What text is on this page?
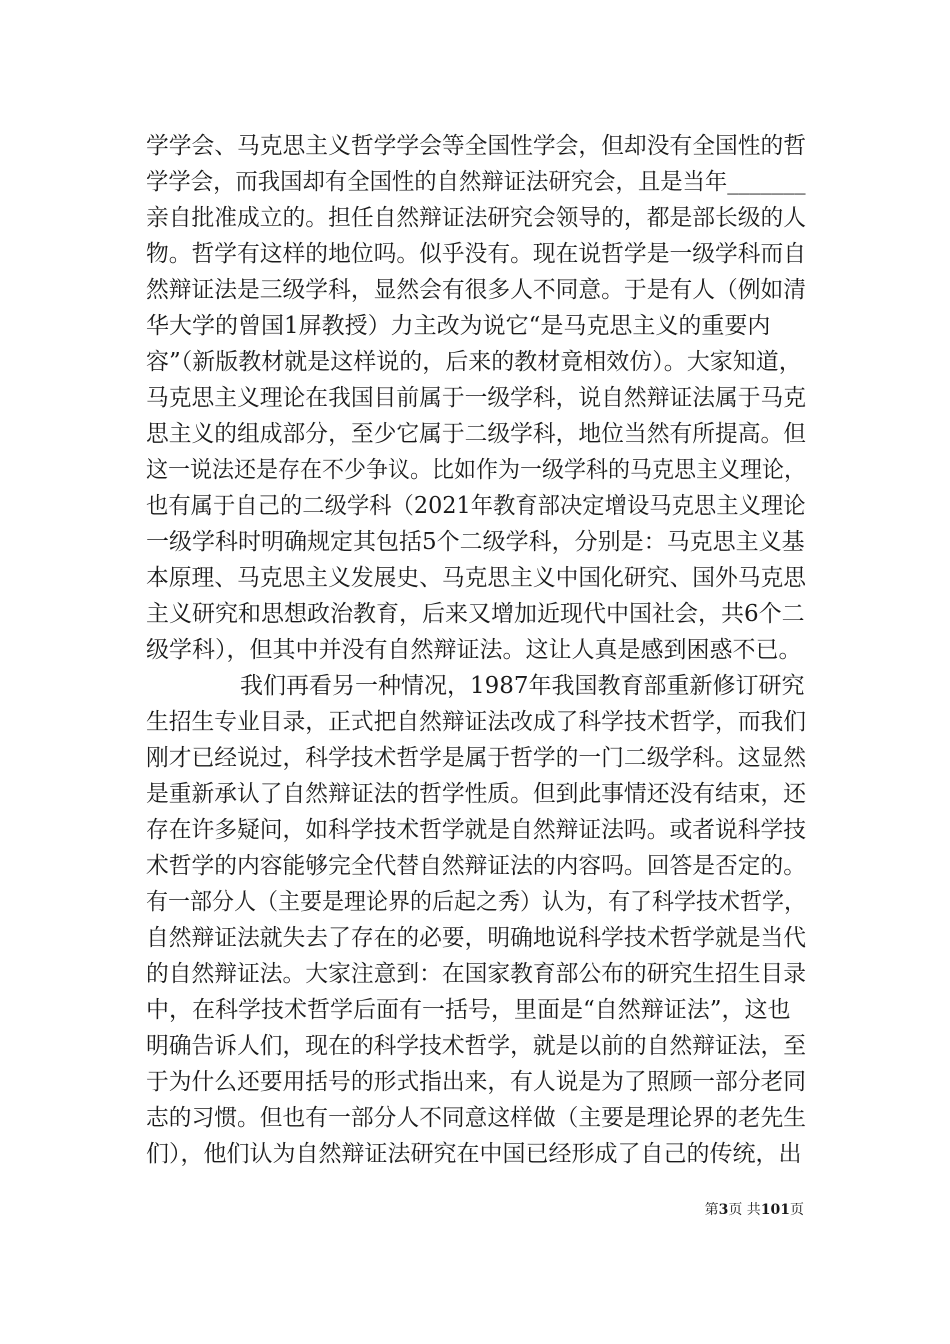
学学会、马克思主义哲学学会等全国性学会，但却没有全国性的哲
学学会，而我国却有全国性的自然辩证法研究会，且是当年_______
亲自批准成立的。担任自然辩证法研究会领导的，都是部长级的人
物。哲学有这样的地位吗。似乎没有。现在说哲学是一级学科而自
然辩证法是三级学科，显然会有很多人不同意。于是有人（例如清
华大学的曾国1屏教授）力主改为说它“是马克思主义的重要内
容”（新版教材就是这样说的，后来的教材竟相效仿）。大家知道，
马克思主义理论在我国目前属于一级学科，说自然辩证法属于马克
思主义的组成部分，至少它属于二级学科，地位当然有所提高。但
这一说法还是存在不少争议。比如作为一级学科的马克思主义理论，
也有属于自己的二级学科（2021年教育部决定增设马克思主义理论
一级学科时明确规定其包括5个二级学科，分别是：马克思主义基
本原理、马克思主义发展史、马克思主义中国化研究、国外马克思
主义研究和思想政治教育，后来又增加近现代中国社会，共6个二
级学科），但其中并没有自然辩证法。这让人真是感到困惑不已。
我们再看另一种情况，1987年我国教育部重新修订研究
生招生专业目录，正式把自然辩证法改成了科学技术哲学，而我们
刚才已经说过，科学技术哲学是属于哲学的一门二级学科。这显然
是重新承认了自然辩证法的哲学性质。但到此事情还没有结束，还
存在许多疑问，如科学技术哲学就是自然辩证法吗。或者说科学技
术哲学的内容能够完全代替自然辩证法的内容吗。回答是否定的。
有一部分人（主要是理论界的后起之秀）认为，有了科学技术哲学，
自然辩证法就失去了存在的必要，明确地说科学技术哲学就是当代
的自然辩证法。大家注意到：在国家教育部公布的研究生招生目录
中，在科学技术哲学后面有一括号，里面是“自然辩证法”，这也
明确告诉人们，现在的科学技术哲学，就是以前的自然辩证法，至
于为什么还要用括号的形式指出来，有人说是为了照顾一部分老同
志的习惯。但也有一部分人不同意这样做（主要是理论界的老先生
们），他们认为自然辩证法研究在中国已经形成了自己的传统，出
第3页 共101页
